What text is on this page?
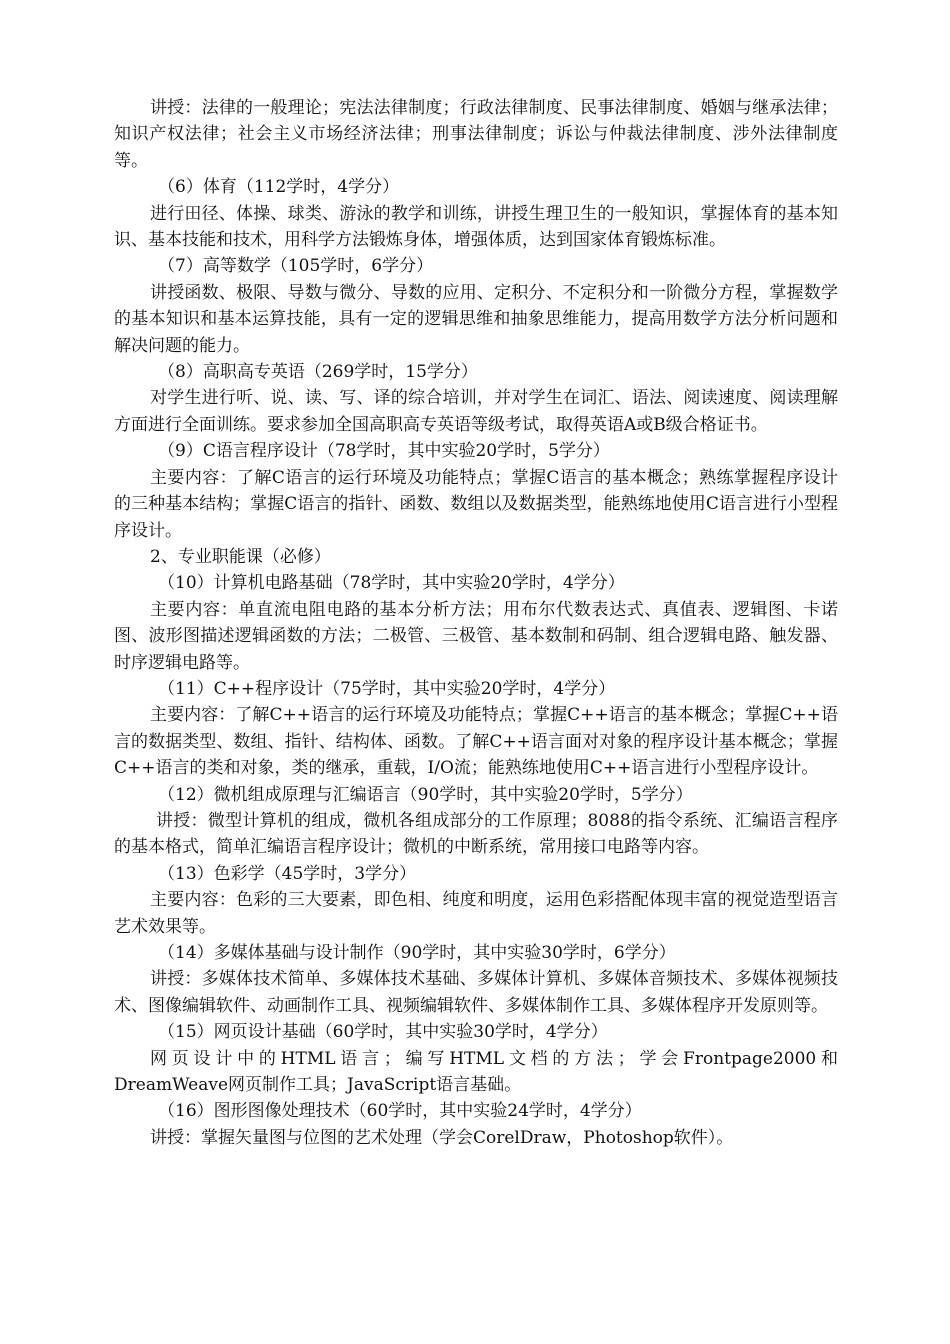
讲授：法律的一般理论；宪法法律制度；行政法律制度、民事法律制度、婚姻与继承法律；知识产权法律；社会主义市场经济法律；刑事法律制度；诉讼与仲裁法律制度、涉外法律制度等。

（6）体育（112学时，4学分）

进行田径、体操、球类、游泳的教学和训练，讲授生理卫生的一般知识，掌握体育的基本知识、基本技能和技术，用科学方法锻炼身体，增强体质，达到国家体育锻炼标准。

（7）高等数学（105学时，6学分）

讲授函数、极限、导数与微分、导数的应用、定积分、不定积分和一阶微分方程，掌握数学的基本知识和基本运算技能，具有一定的逻辑思维和抽象思维能力，提高用数学方法分析问题和解决问题的能力。

（8）高职高专英语（269学时，15学分）

对学生进行听、说、读、写、译的综合培训，并对学生在词汇、语法、阅读速度、阅读理解方面进行全面训练。要求参加全国高职高专英语等级考试，取得英语A或B级合格证书。

（9）C语言程序设计（78学时，其中实验20学时，5学分）

主要内容：了解C语言的运行环境及功能特点；掌握C语言的基本概念；熟练掌握程序设计的三种基本结构；掌握C语言的指针、函数、数组以及数据类型，能熟练地使用C语言进行小型程序设计。

2、专业职能课（必修）

（10）计算机电路基础（78学时，其中实验20学时，4学分）

主要内容：单直流电阻电路的基本分析方法；用布尔代数表达式、真值表、逻辑图、卡诺图、波形图描述逻辑函数的方法；二极管、三极管、基本数制和码制、组合逻辑电路、触发器、时序逻辑电路等。

（11）C++程序设计（75学时，其中实验20学时，4学分）

主要内容：了解C++语言的运行环境及功能特点；掌握C++语言的基本概念；掌握C++语言的数据类型、数组、指针、结构体、函数。了解C++语言面对对象的程序设计基本概念；掌握C++语言的类和对象，类的继承，重载，I/O流；能熟练地使用C++语言进行小型程序设计。

（12）微机组成原理与汇编语言（90学时，其中实验20学时，5学分）

讲授：微型计算机的组成，微机各组成部分的工作原理；8088的指令系统、汇编语言程序的基本格式，简单汇编语言程序设计；微机的中断系统，常用接口电路等内容。

（13）色彩学（45学时，3学分）

主要内容：色彩的三大要素，即色相、纯度和明度，运用色彩搭配体现丰富的视觉造型语言艺术效果等。

（14）多媒体基础与设计制作（90学时，其中实验30学时，6学分）

讲授：多媒体技术简单、多媒体技术基础、多媒体计算机、多媒体音频技术、多媒体视频技术、图像编辑软件、动画制作工具、视频编辑软件、多媒体制作工具、多媒体程序开发原则等。

（15）网页设计基础（60学时，其中实验30学时，4学分）

网页设计中的HTML语言；编写HTML文档的方法；学会Frontpage2000和DreamWeave网页制作工具；JavaScript语言基础。

（16）图形图像处理技术（60学时，其中实验24学时，4学分）

讲授：掌握矢量图与位图的艺术处理（学会CorelDraw，Photoshop软件）。
